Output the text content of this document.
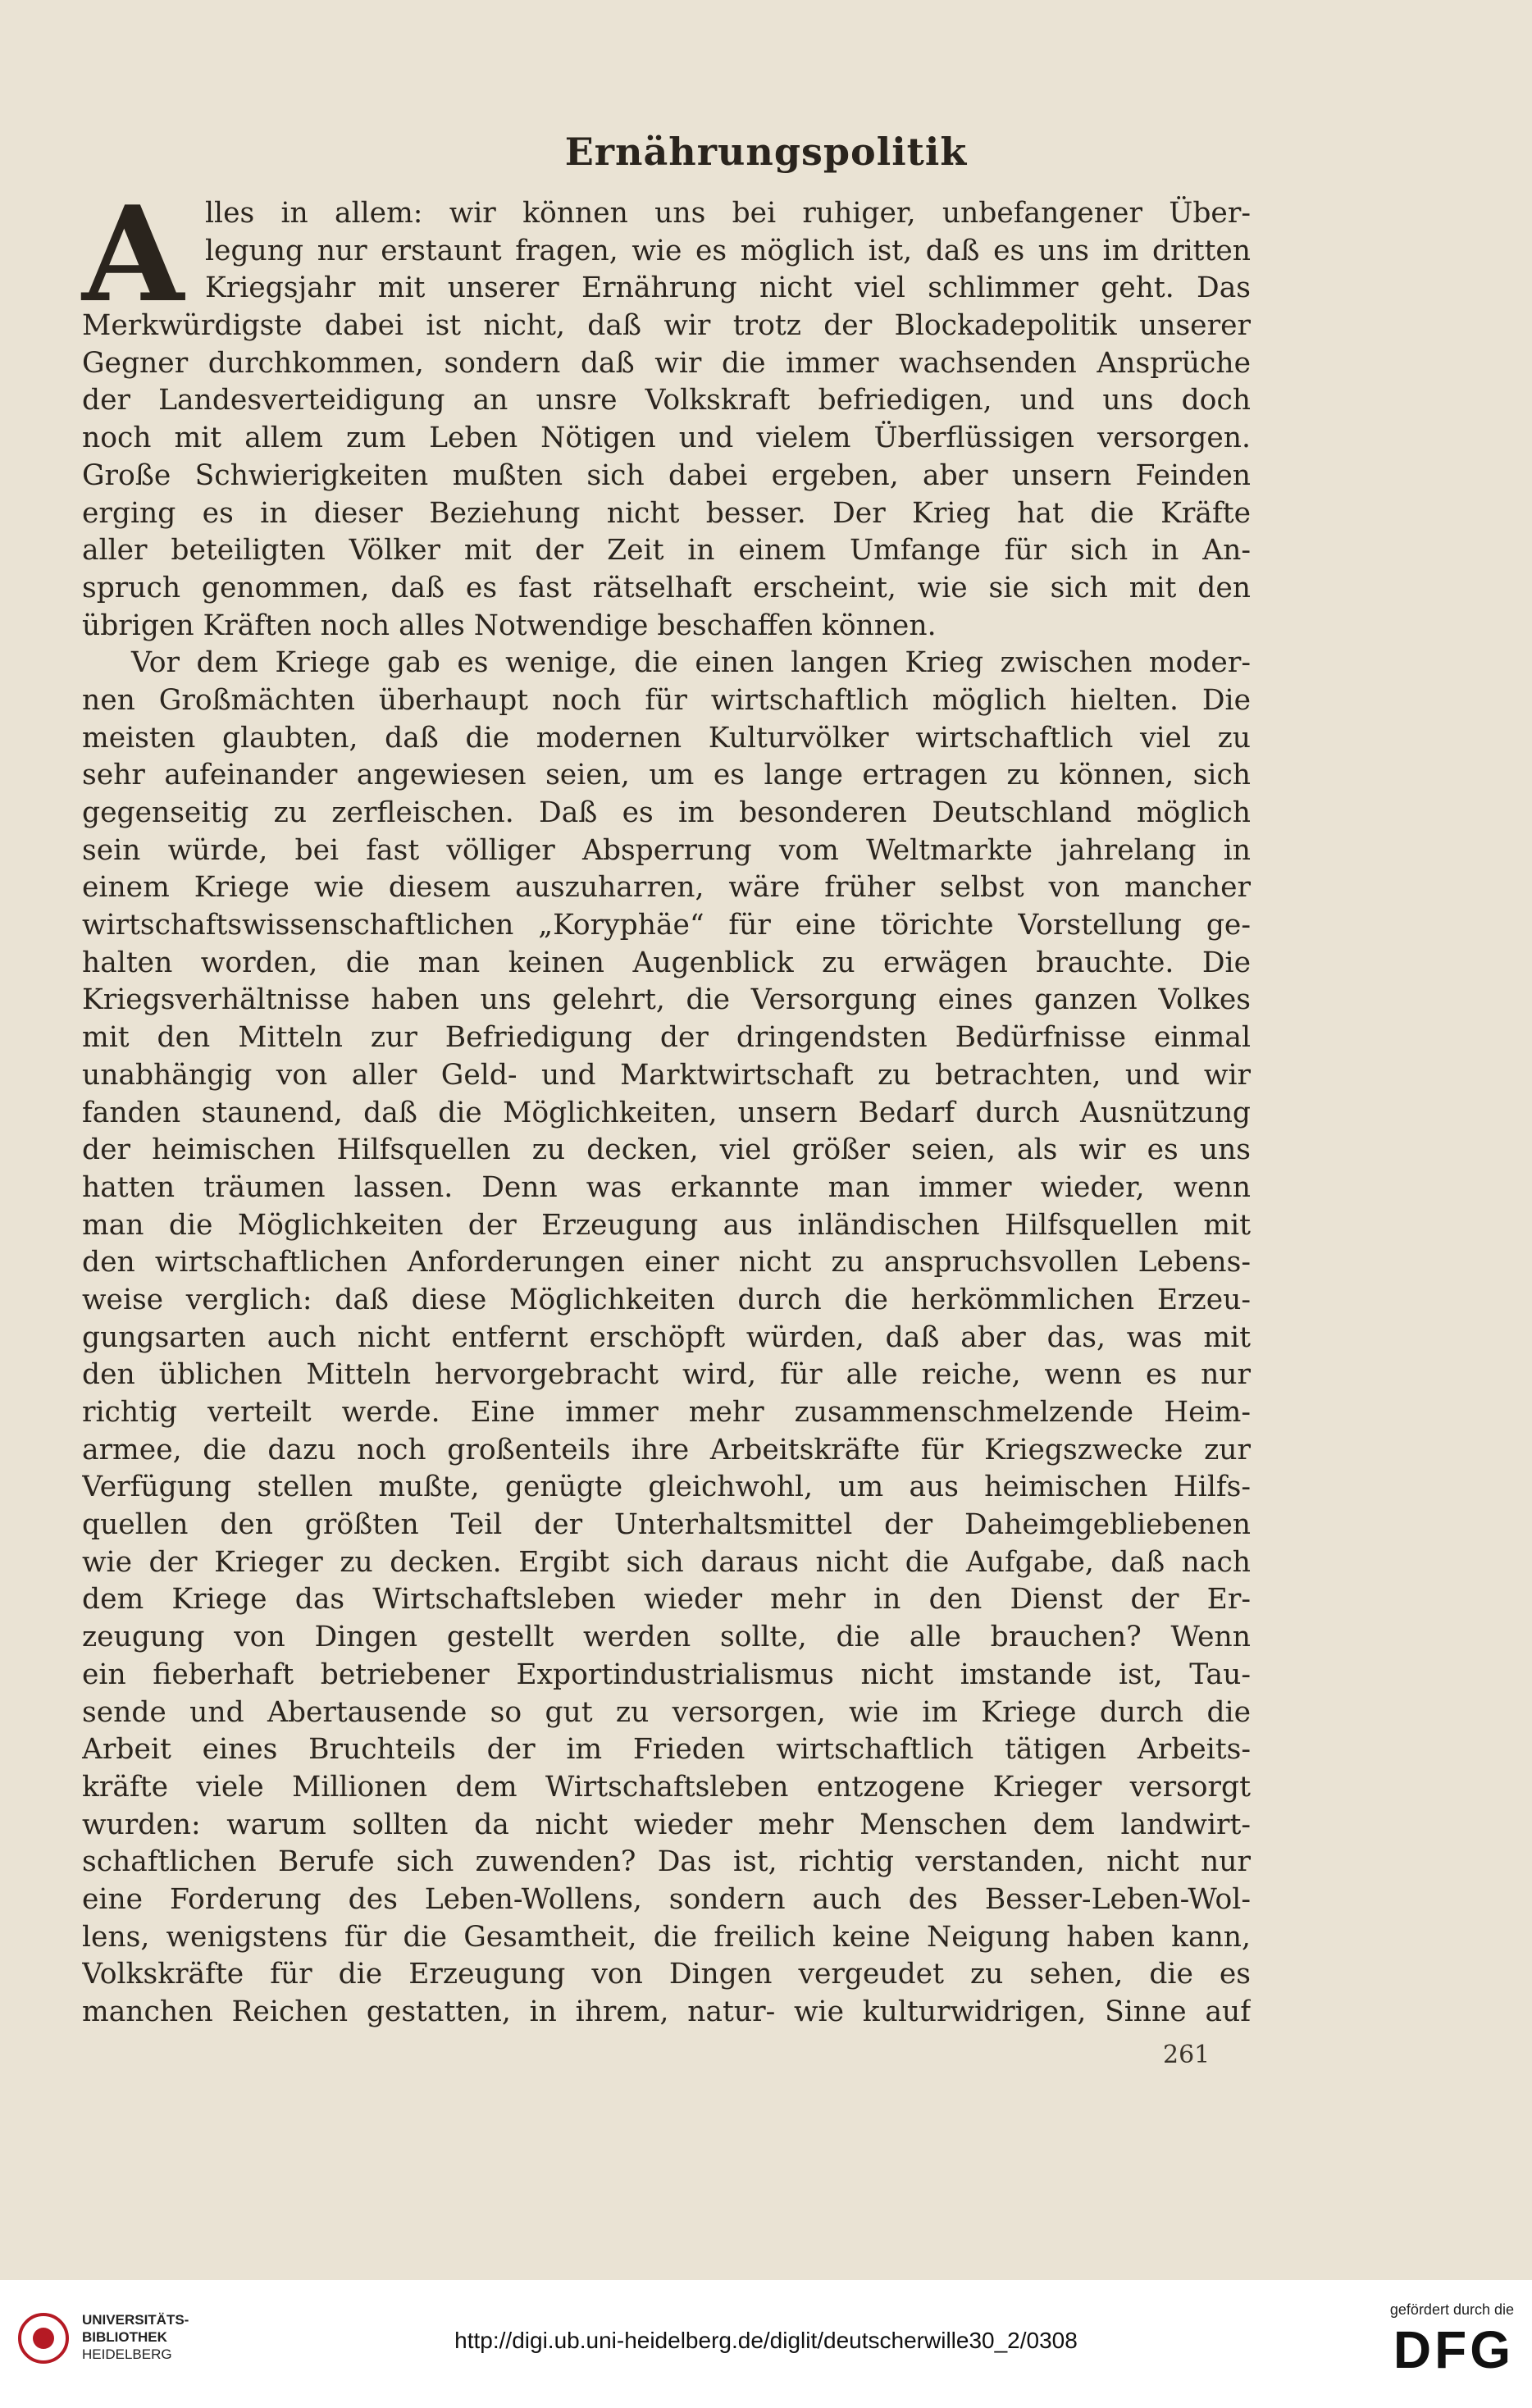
Ernährungspolitik
A lles in allem: wir können uns bei ruhiger, unbefangener Über-
legung nur erstaunt fragen, wie es möglich ist, daß es uns im dritten
Kriegsjahr mit unserer Ernährung nicht viel schlimmer geht. Das
Merkwürdigste dabei ist nicht, daß wir trotz der Blockadepolitik unserer
Gegner durchkommen, sondern daß wir die immer wachsenden Ansprüche
der Landesverteidigung an unsre Volkskraft befriedigen, und uns doch
noch mit allem zum Leben Nötigen und vielem Überflüssigen versorgen.
Große Schwierigkeiten mußten sich dabei ergeben, aber unsern Feinden
erging es in dieser Beziehung nicht besser. Der Krieg hat die Kräfte
aller beteiligten Völker mit der Zeit in einem Umfange für sich in An-
spruch genommen, daß es fast rätselhaft erscheint, wie sie sich mit den
übrigen Kräften noch alles Notwendige beschaffen können.
Vor dem Kriege gab es wenige, die einen langen Krieg zwischen moder-
nen Großmächten überhaupt noch für wirtschaftlich möglich hielten. Die
meisten glaubten, daß die modernen Kulturvölker wirtschaftlich viel zu
sehr aufeinander angewiesen seien, um es lange ertragen zu können, sich
gegenseitig zu zerfleischen. Daß es im besonderen Deutschland möglich
sein würde, bei fast völliger Absperrung vom Weltmarkte jahrelang in
einem Kriege wie diesem auszuharren, wäre früher selbst von mancher
wirtschaftswissenschaftlichen „Koryphäe“ für eine törichte Vorstellung ge-
halten worden, die man keinen Augenblick zu erwägen brauchte. Die
Kriegsverhältnisse haben uns gelehrt, die Versorgung eines ganzen Volkes
mit den Mitteln zur Befriedigung der dringendsten Bedürfnisse einmal
unabhängig von aller Geld- und Marktwirtschaft zu betrachten, und wir
fanden staunend, daß die Möglichkeiten, unsern Bedarf durch Ausnützung
der heimischen Hilfsquellen zu decken, viel größer seien, als wir es uns
hatten träumen lassen. Denn was erkannte man immer wieder, wenn
man die Möglichkeiten der Erzeugung aus inländischen Hilfsquellen mit
den wirtschaftlichen Anforderungen einer nicht zu anspruchsvollen Lebens-
weise verglich: daß diese Möglichkeiten durch die herkömmlichen Erzeu-
gungsarten auch nicht entfernt erschöpft würden, daß aber das, was mit
den üblichen Mitteln hervorgebracht wird, für alle reiche, wenn es nur
richtig verteilt werde. Eine immer mehr zusammenschmelzende Heim-
armee, die dazu noch großenteils ihre Arbeitskräfte für Kriegszwecke zur
Verfügung stellen mußte, genügte gleichwohl, um aus heimischen Hilfs-
quellen den größten Teil der Unterhaltsmittel der Daheimgebliebenen
wie der Krieger zu decken. Ergibt sich daraus nicht die Aufgabe, daß nach
dem Kriege das Wirtschaftsleben wieder mehr in den Dienst der Er-
zeugung von Dingen gestellt werden sollte, die alle brauchen? Wenn
ein fieberhaft betriebener Exportindustrialismus nicht imstande ist, Tau-
sende und Abertausende so gut zu versorgen, wie im Kriege durch die
Arbeit eines Bruchteils der im Frieden wirtschaftlich tätigen Arbeits-
kräfte viele Millionen dem Wirtschaftsleben entzogene Krieger versorgt
wurden: warum sollten da nicht wieder mehr Menschen dem landwirt-
schaftlichen Berufe sich zuwenden? Das ist, richtig verstanden, nicht nur
eine Forderung des Leben-Wollens, sondern auch des Besser-Leben-Wol-
lens, wenigstens für die Gesamtheit, die freilich keine Neigung haben kann,
Volkskräfte für die Erzeugung von Dingen vergeudet zu sehen, die es
manchen Reichen gestatten, in ihrem, natur- wie kulturwidrigen, Sinne auf
261
UNIVERSITÄTS-
BIBLIOTHEK
HEIDELBERG
http://digi.ub.uni-heidelberg.de/diglit/deutscherwille30_2/0308
gefördert durch die
DFG
